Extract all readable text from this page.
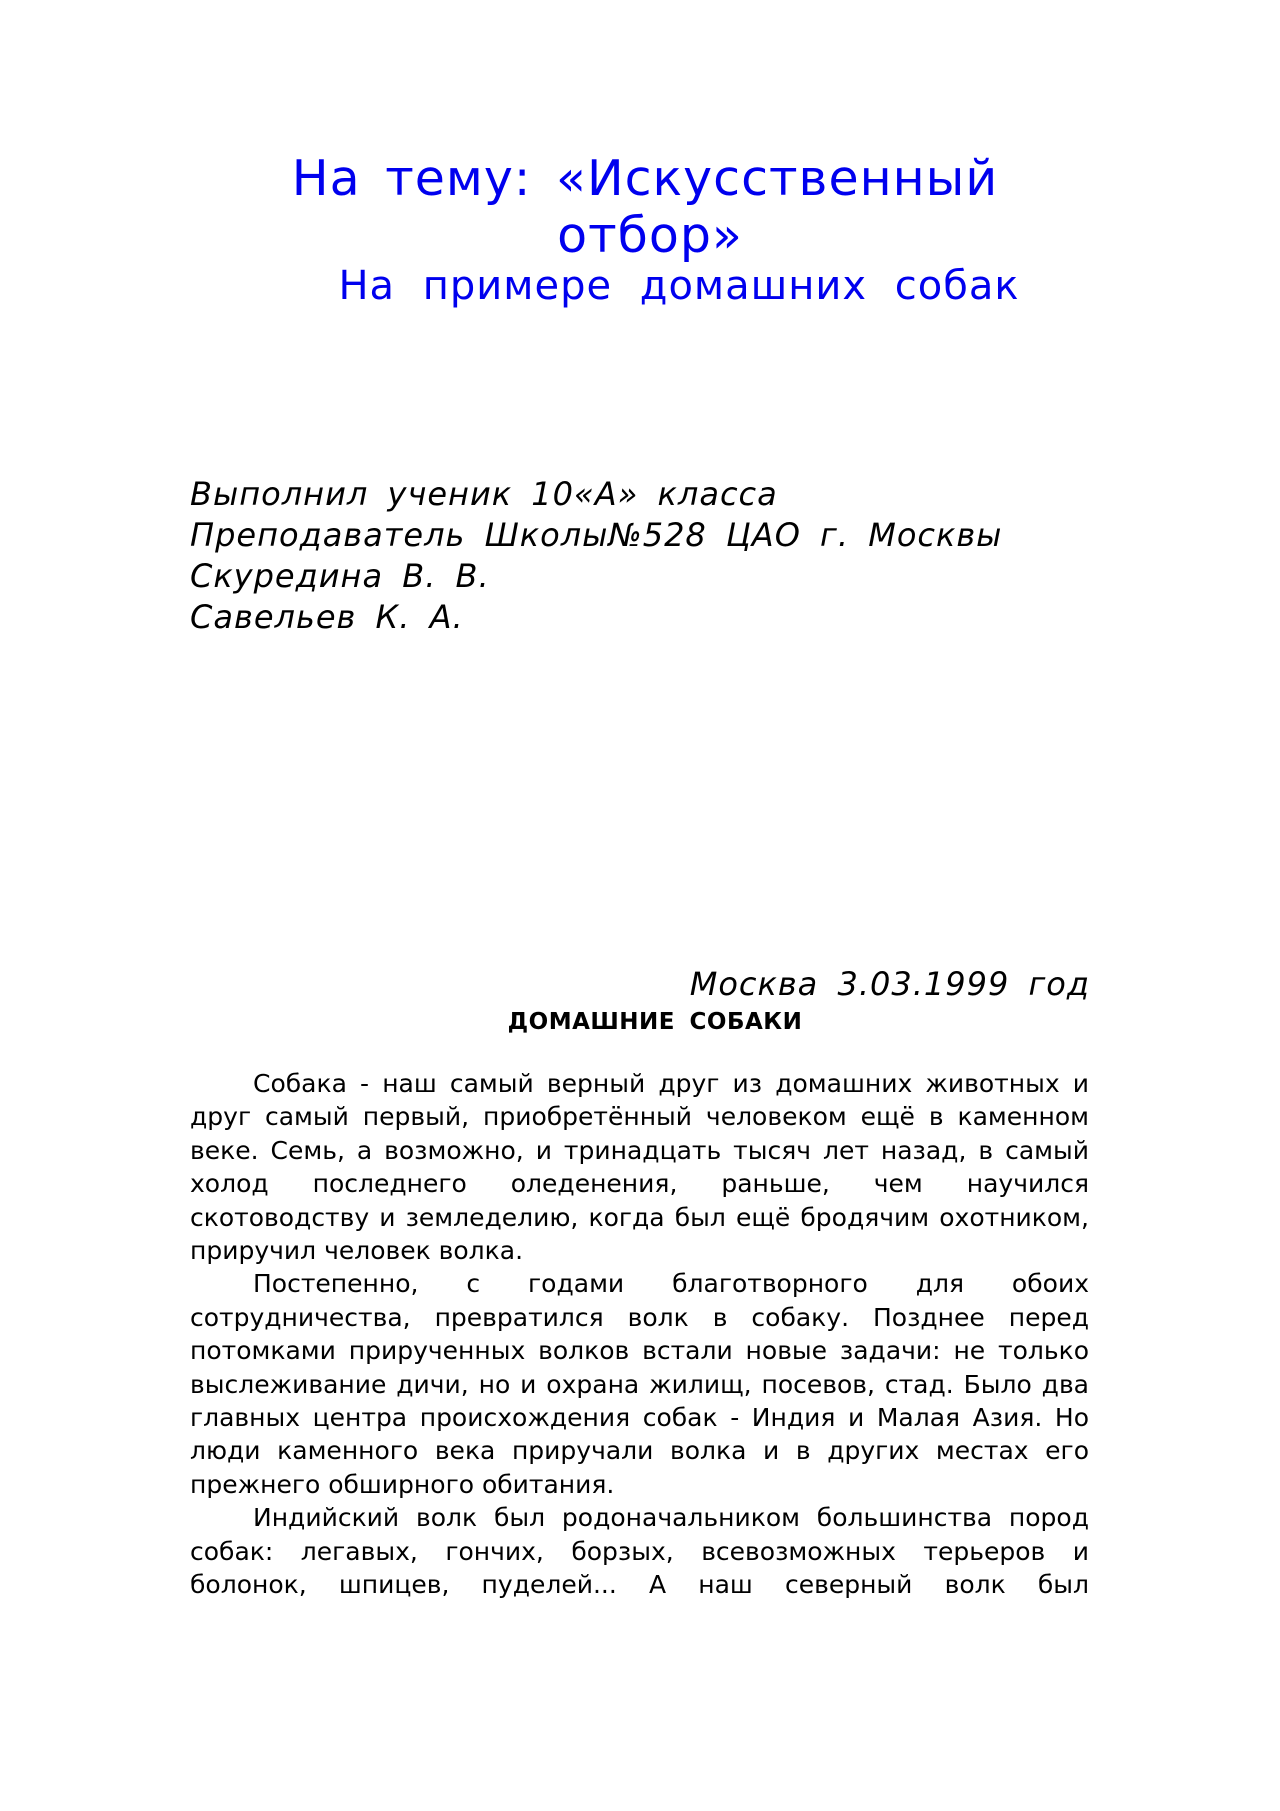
На тему: «Искусственный
отбор»
На примере домашних собак
Выполнил ученик 10«А» класса
Преподаватель Школы№528 ЦАО г. Москвы
Скуредина В. В.
Савельев К. А.
Москва 3.03.1999 год
ДОМАШНИЕ СОБАКИ

Собака - наш самый верный друг из домашних животных и друг самый первый, приобретённый человеком ещё в каменном веке. Семь, а возможно, и тринадцать тысяч лет назад, в самый холод последнего оледенения, раньше, чем научился скотоводству и земледелию, когда был ещё бродячим охотником, приручил человек волка.

Постепенно, с годами благотворного для обоих сотрудничества, превратился волк в собаку. Позднее перед потомками прирученных волков встали новые задачи: не только выслеживание дичи, но и охрана жилищ, посевов, стад. Было два главных центра происхождения собак - Индия и Малая Азия. Но люди каменного века приручали волка и в других местах его прежнего обширного обитания.

Индийский волк был родоначальником большинства пород собак: легавых, гончих, борзых, всевозможных терьеров и болонок, шпицев, пуделей... А наш северный волк был
